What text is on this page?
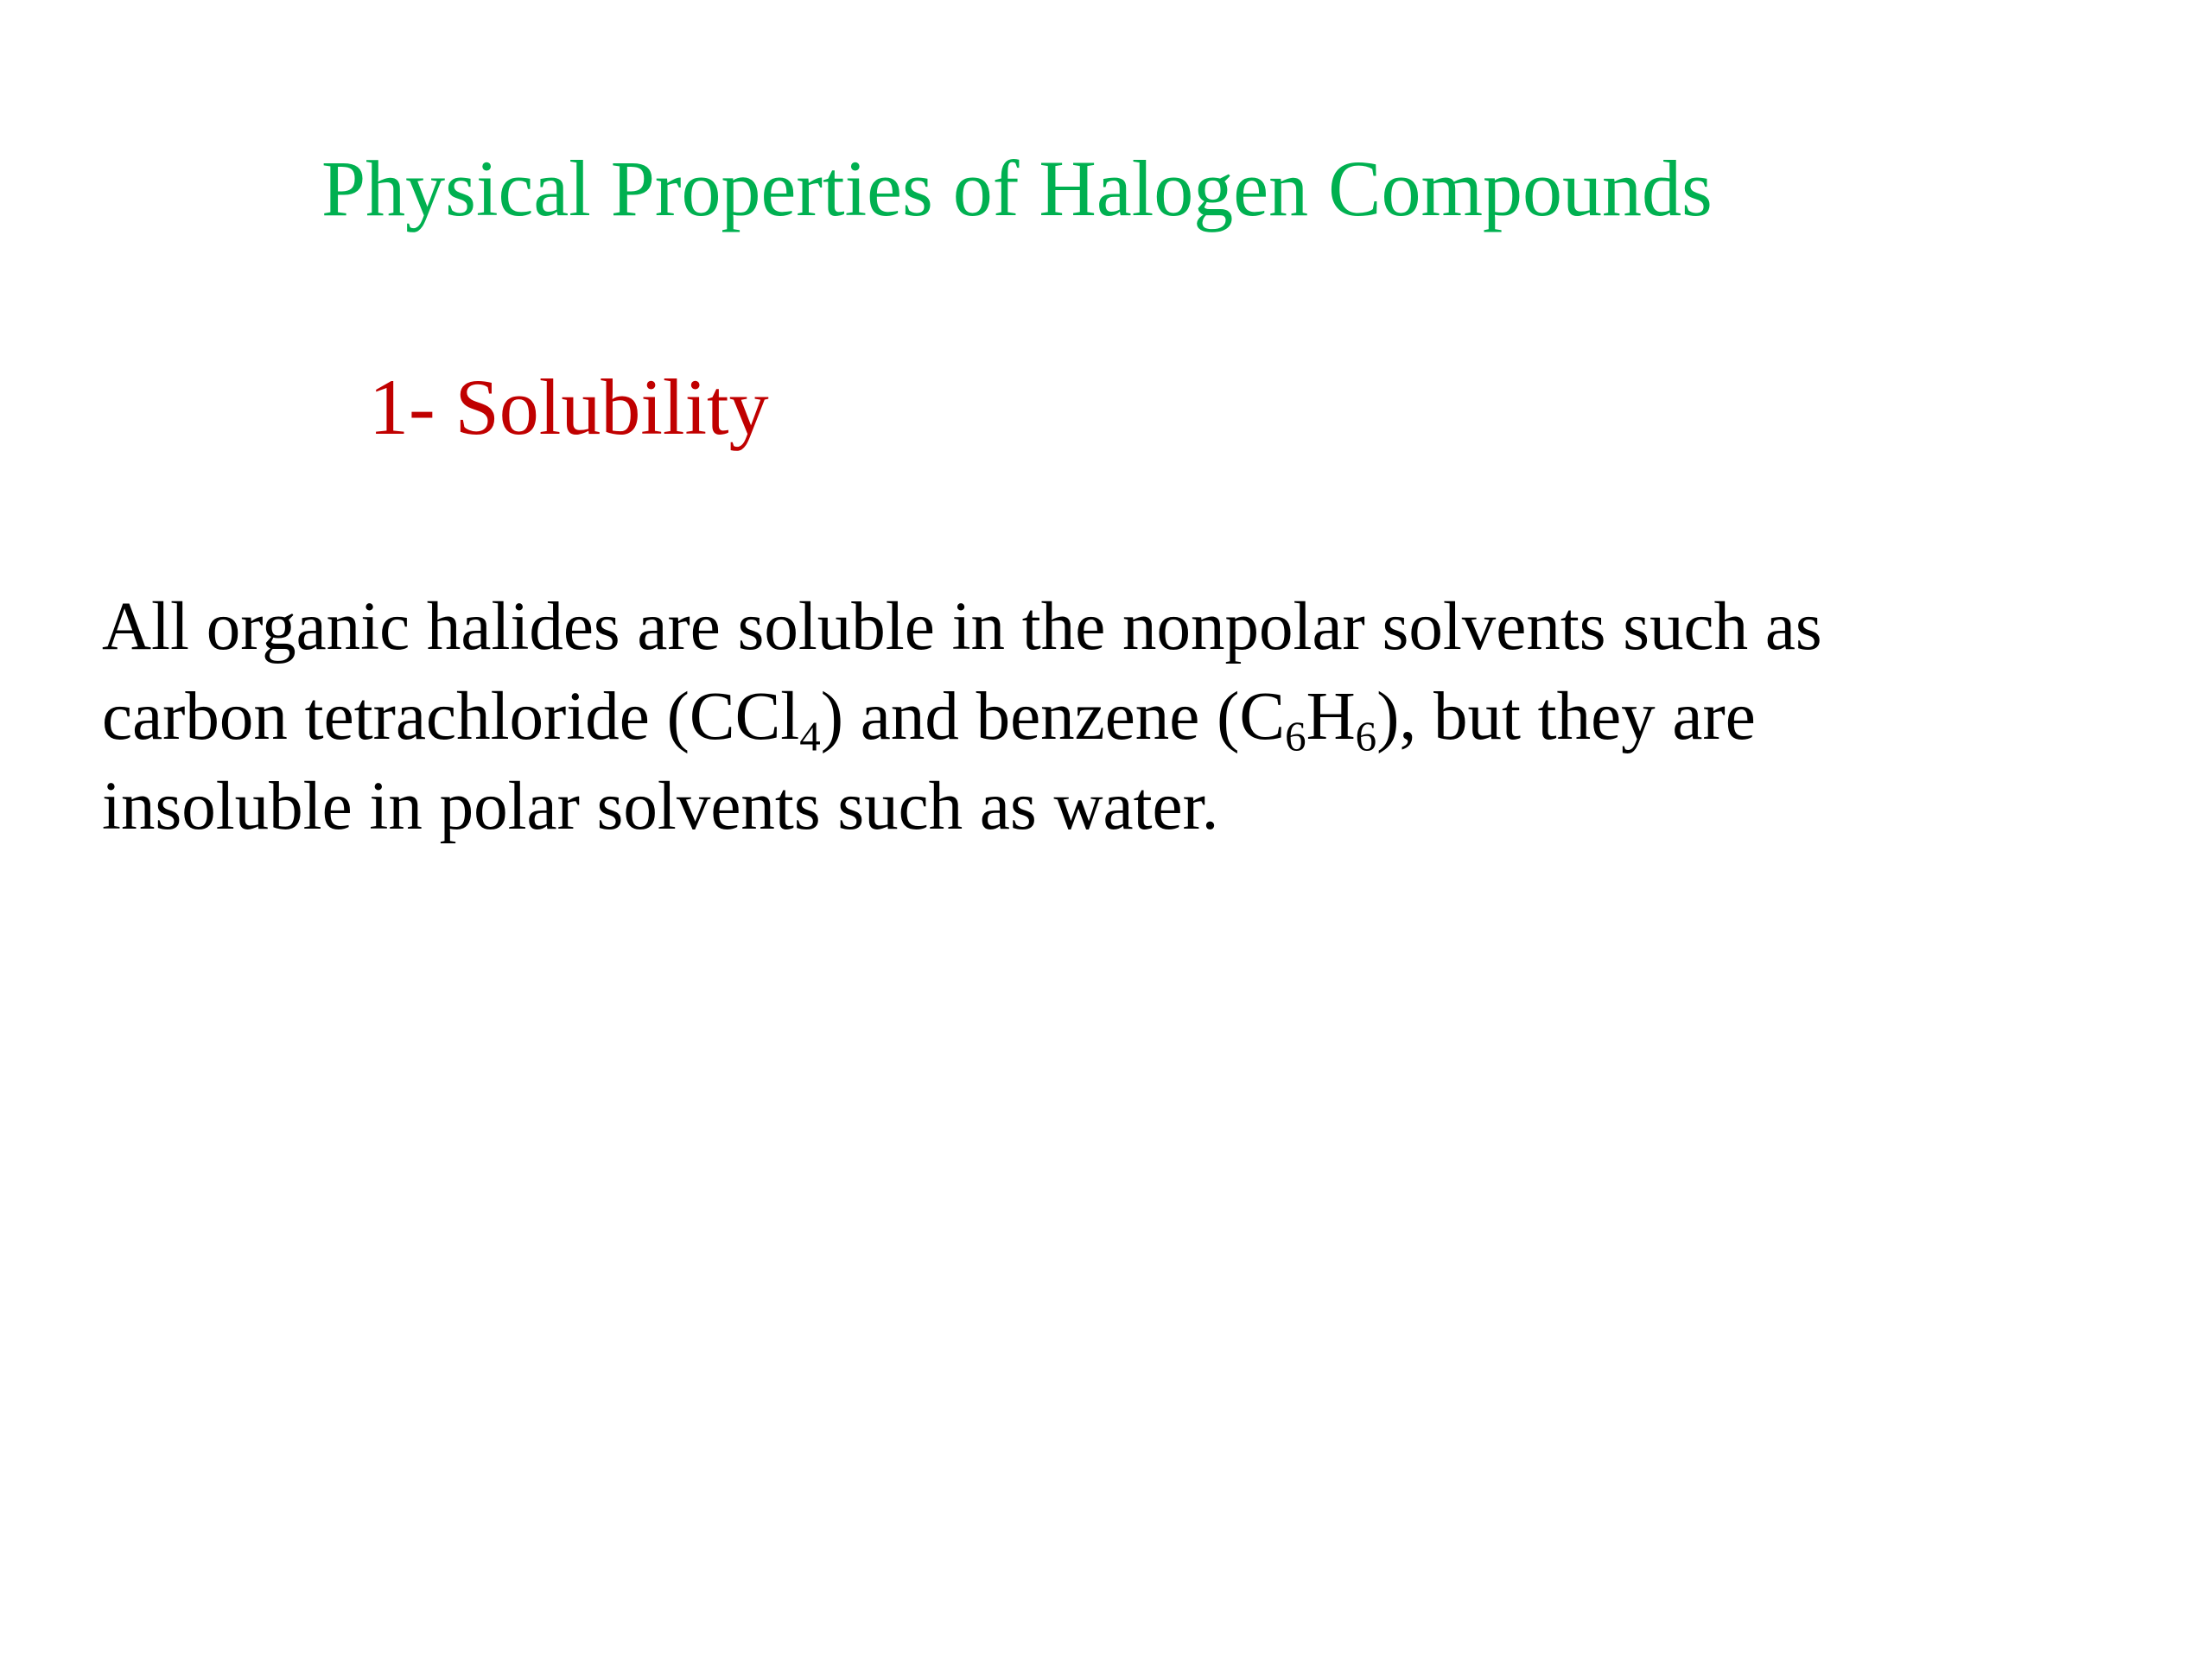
Physical Properties of Halogen Compounds
1- Solubility
All organic halides are soluble in the nonpolar solvents such as
carbon tetrachloride (CCl$_4$) and benzene $(C_6H_6)$, but they are
insoluble in polar solvents such as water.
